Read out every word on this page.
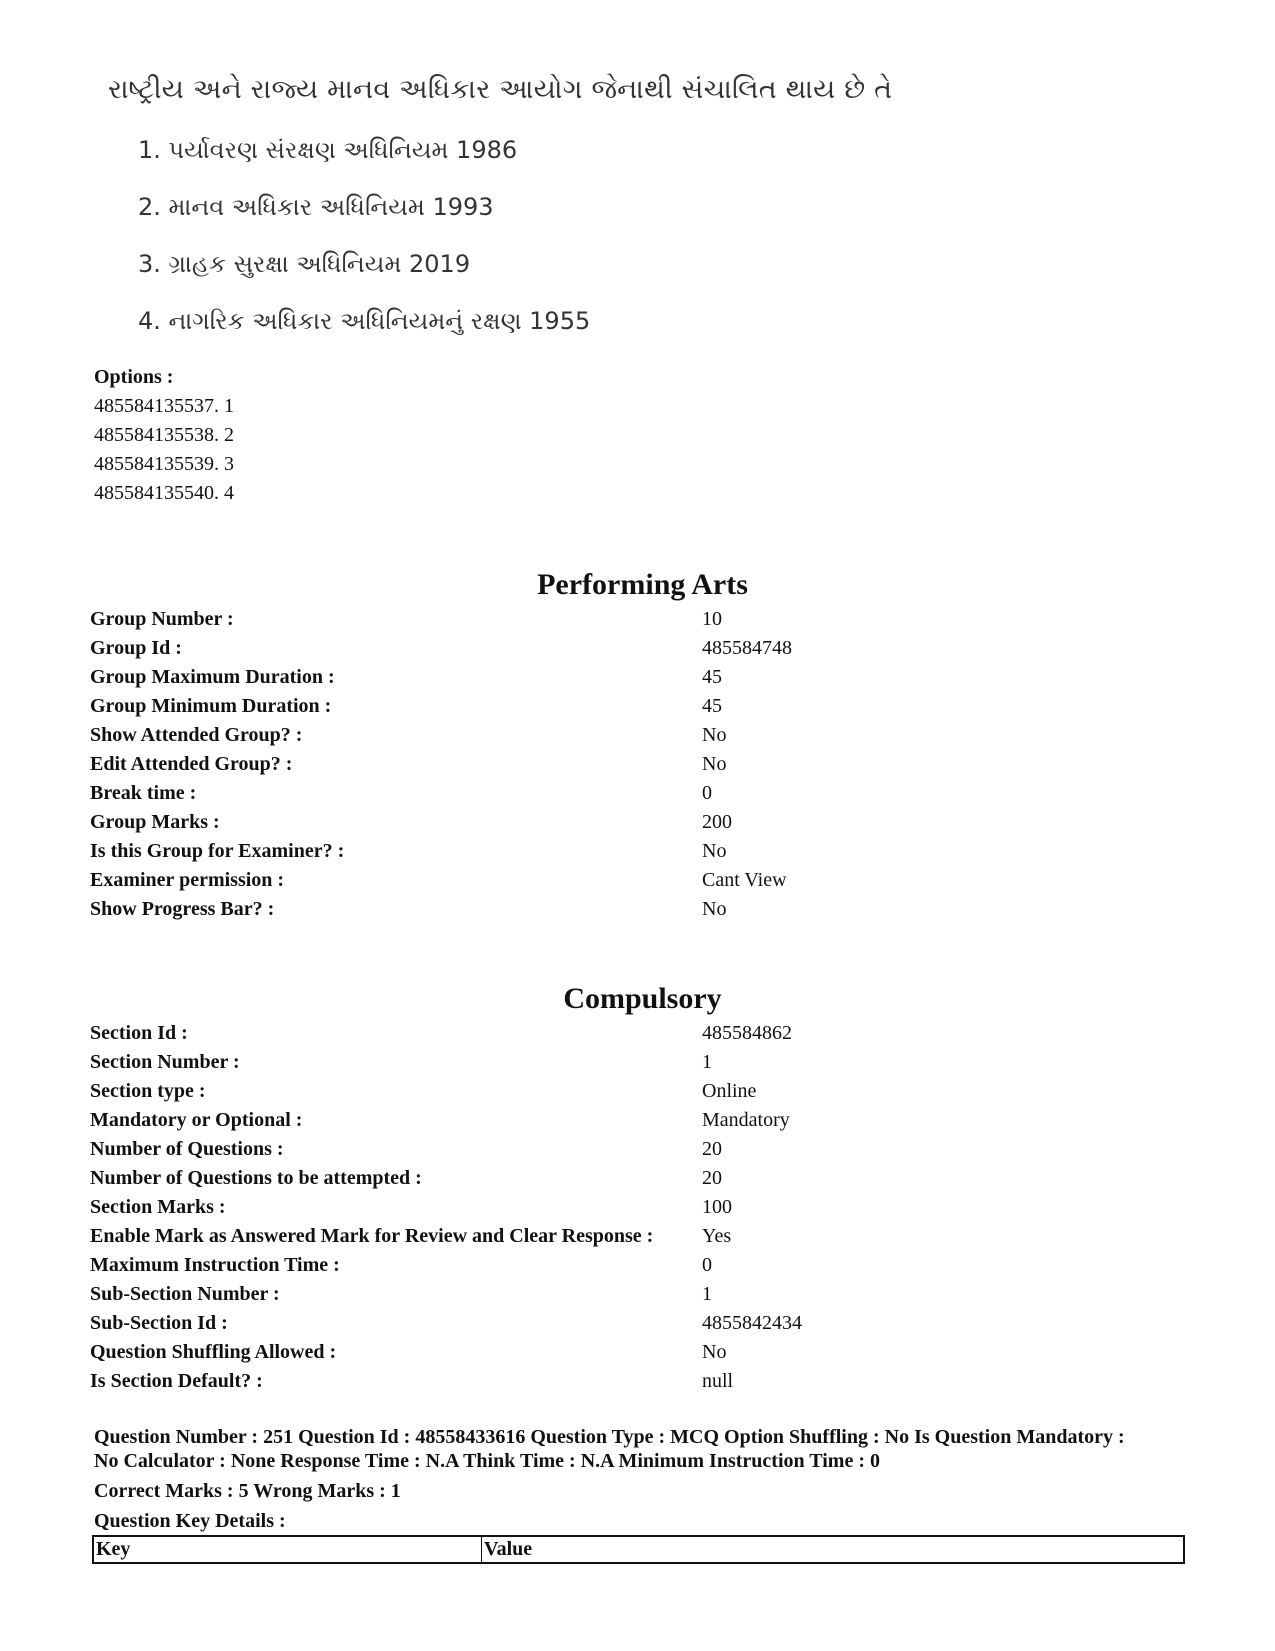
રાષ્ટ્રીય અને રાજ્ય માનવ અધિકાર આયોગ જેનાથી સંચાલિત થાય છે તે
1. પર્યાવરણ સંરક્ષણ અધિનિયમ 1986
2. માનવ અધિકાર અધિનિયમ 1993
3. ગ્રાહક સુરક્ષા અધિનિયમ 2019
4. નાગરિક અધિકાર અધિનિયમનું રક્ષણ 1955
Options :
485584135537. 1
485584135538. 2
485584135539. 3
485584135540. 4
Performing Arts
Group Number :	10
Group Id :	485584748
Group Maximum Duration :	45
Group Minimum Duration :	45
Show Attended Group? :	No
Edit Attended Group? :	No
Break time :	0
Group Marks :	200
Is this Group for Examiner? :	No
Examiner permission :	Cant View
Show Progress Bar? :	No
Compulsory
Section Id :	485584862
Section Number :	1
Section type :	Online
Mandatory or Optional :	Mandatory
Number of Questions :	20
Number of Questions to be attempted :	20
Section Marks :	100
Enable Mark as Answered Mark for Review and Clear Response : Yes
Maximum Instruction Time :	0
Sub-Section Number :	1
Sub-Section Id :	4855842434
Question Shuffling Allowed :	No
Is Section Default? :	null
Question Number : 251 Question Id : 48558433616 Question Type : MCQ Option Shuffling : No Is Question Mandatory :
No Calculator : None Response Time : N.A Think Time : N.A Minimum Instruction Time : 0
Correct Marks : 5 Wrong Marks : 1
Question Key Details :
Key	Value
